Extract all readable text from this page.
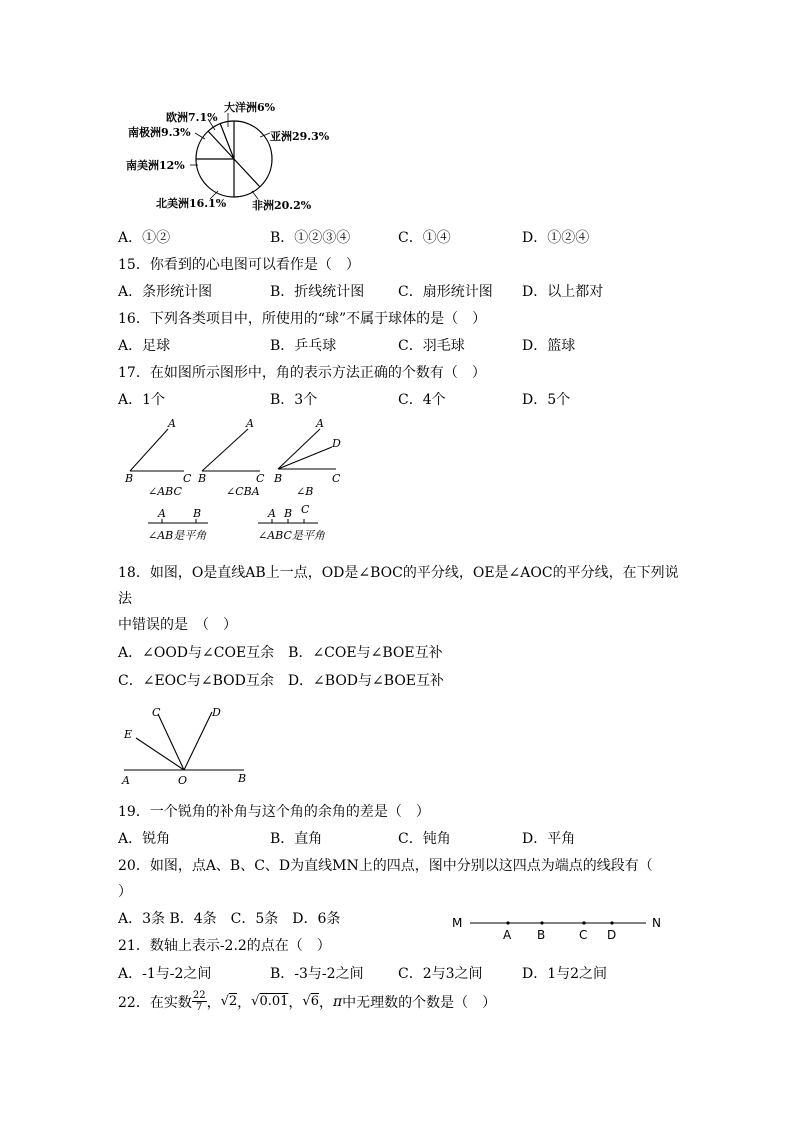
大洋洲6%
欧洲7.1%
南极洲9.3%	亚洲29.3%
南美洲12%
北美洲16.1% 非洲20.2%
A．①②	B．①②③④	C．①④	D．①②④
15．你看到的心电图可以看作是（　）
A．条形统计图	B．折线统计图 C．扇形统计图 D．以上都对
16．下列各类项目中，所使用的“球”不属于球体的是（　）
A．足球	B．乒乓球	C．羽毛球	D．篮球
17．在如图所示图形中，角的表示方法正确的个数有（　）
A．1个	B．3个	C．4个	D．5个
A
B	C
∠ABC
A
B	C
∠CBA
A
D
B	C
∠B
A B
∠AB是平角
A B C
∠ABC是平角
18．如图，O是直线AB上一点，OD是∠BOC的平分线，OE是∠AOC的平分线，在下列说
法
中错误的是　（　）
A．∠OOD与∠COE互余　B．∠COE与∠BOE互补
C．∠EOC与∠BOD互余　D．∠BOD与∠BOE互补
E
C	D
A	O	B
19．一个锐角的补角与这个角的余角的差是（　）
A．锐角	B．直角	C．钝角	D．平角
20．如图，点A、B、C、D为直线MN上的四点，图中分别以这四点为端点的线段有（
）
A．3条 B．4条　C．5条　D．6条	M
A B	C D
N
21．数轴上表示-2.2的点在（　）
A．-1与-2之间	B．-3与-2之间 C．2与3之间	D．1与2之间
22．在实数 $\frac{22}{7}$ ， √2 ， √0.01 ， √6 ， π 中无理数的个数是（　）
